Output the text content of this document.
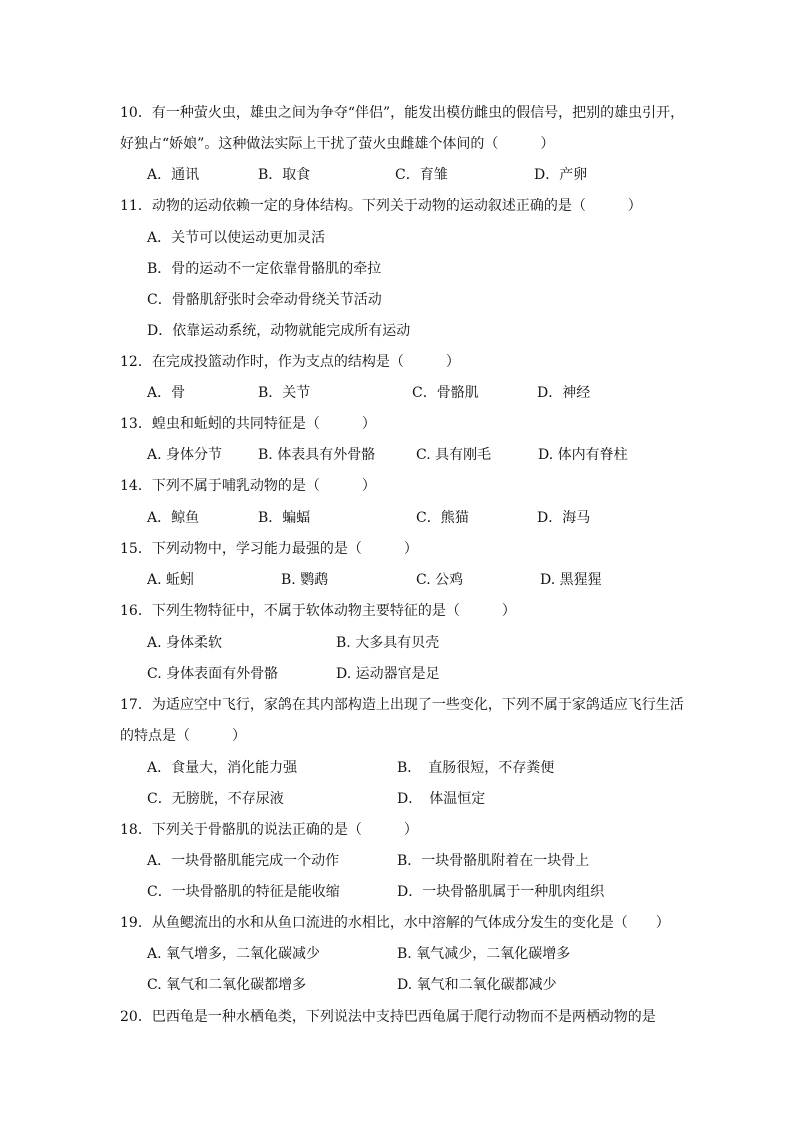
10．有一种萤火虫，雄虫之间为争夺“伴侣”，能发出模仿雌虫的假信号，把别的雄虫引开，
好独占“娇娘”。这种做法实际上干扰了萤火虫雌雄个体间的（　　　）
A．通讯	B．取食	C．育雏	D．产卵
11．动物的运动依赖一定的身体结构。下列关于动物的运动叙述正确的是（　　　）
A．关节可以使运动更加灵活
B．骨的运动不一定依靠骨骼肌的牵拉
C．骨骼肌舒张时会牵动骨绕关节活动
D．依靠运动系统，动物就能完成所有运动
12．在完成投篮动作时，作为支点的结构是（　　　）
A．骨	B．关节	C．骨骼肌	D．神经
13．蝗虫和蚯蚓的共同特征是（　　　）
A. 身体分节	B. 体表具有外骨骼	C. 具有刚毛	D. 体内有脊柱
14．下列不属于哺乳动物的是（　　　）
A．鲸鱼	B．蝙蝠	C．熊猫	D．海马
15．下列动物中，学习能力最强的是（　　　）
A. 蚯蚓	B. 鹦鹉	C. 公鸡	D. 黑猩猩
16．下列生物特征中，不属于软体动物主要特征的是（　　　）
A. 身体柔软	B. 大多具有贝壳
C. 身体表面有外骨骼	D. 运动器官是足
17．为适应空中飞行，家鸽在其内部构造上出现了一些变化，下列不属于家鸽适应飞行生活
的特点是（　　　）
A．食量大，消化能力强	B．　直肠很短，不存粪便
C．无膀胱，不存尿液	D．　体温恒定
18．下列关于骨骼肌的说法正确的是（　　　）
A．一块骨骼肌能完成一个动作	B．一块骨骼肌附着在一块骨上
C．一块骨骼肌的特征是能收缩	D．一块骨骼肌属于一种肌肉组织
19．从鱼鳃流出的水和从鱼口流进的水相比，水中溶解的气体成分发生的变化是（　　）
A. 氧气增多，二氧化碳减少	B. 氧气减少，二氧化碳增多
C. 氧气和二氧化碳都增多	D. 氧气和二氧化碳都减少
20．巴西龟是一种水栖龟类，下列说法中支持巴西龟属于爬行动物而不是两栖动物的是
